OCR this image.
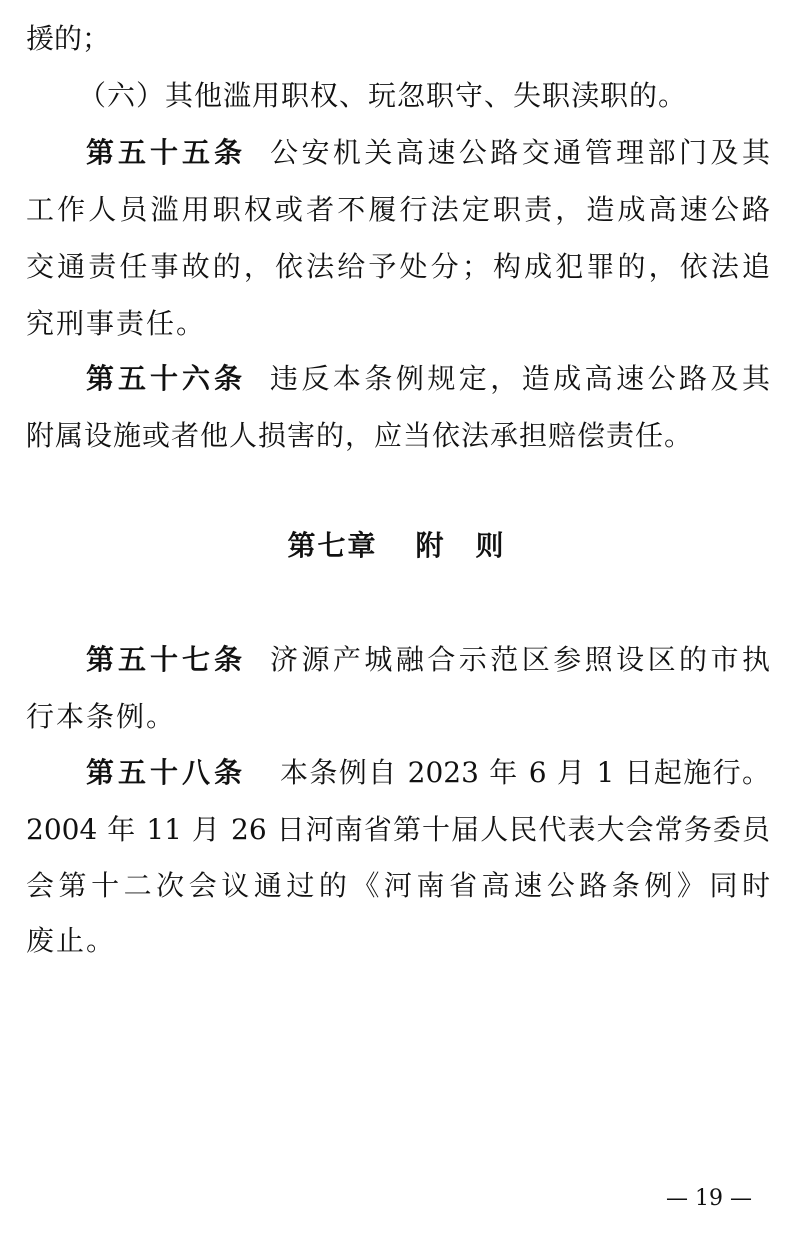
援的；
（六）其他滥用职权、玩忽职守、失职渎职的。
第五十五条 公安机关高速公路交通管理部门及其
工作人员滥用职权或者不履行法定职责，造成高速公路
交通责任事故的，依法给予处分；构成犯罪的，依法追
究刑事责任。
第五十六条 违反本条例规定，造成高速公路及其
附属设施或者他人损害的，应当依法承担赔偿责任。
第七章 附　则
第五十七条 济源产城融合示范区参照设区的市执
行本条例。
第五十八条 本条例自 2023 年 6 月 1 日起施行。
2004 年 11 月 26 日河南省第十届人民代表大会常务委员
会第十二次会议通过的《河南省高速公路条例》同时
废止。
— 19 —
